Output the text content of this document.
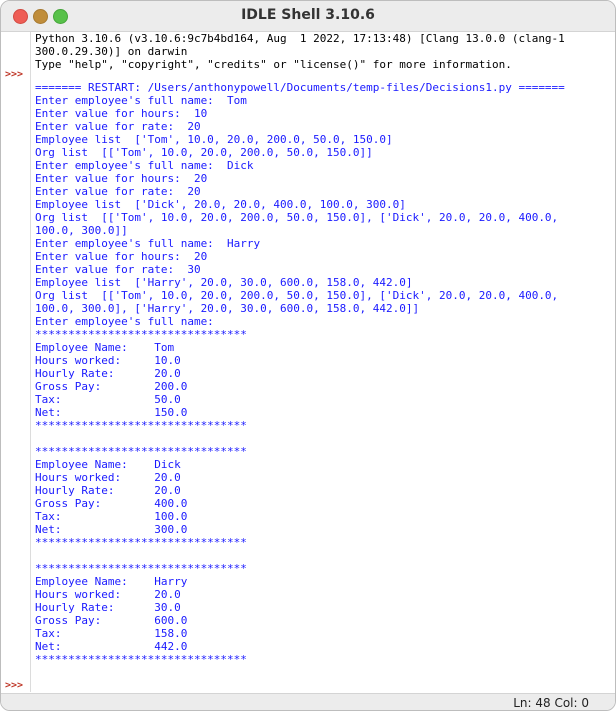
IDLE Shell 3.10.6
>>>
>>>
Python 3.10.6 (v3.10.6:9c7b4bd164, Aug  1 2022, 17:13:48) [Clang 13.0.0 (clang-1
300.0.29.30)] on darwin
Type "help", "copyright", "credits" or "license()" for more information.
======= RESTART: /Users/anthonypowell/Documents/temp-files/Decisions1.py =======
Enter employee's full name:  Tom
Enter value for hours:  10
Enter value for rate:  20
Employee list  ['Tom', 10.0, 20.0, 200.0, 50.0, 150.0]
Org list  [['Tom', 10.0, 20.0, 200.0, 50.0, 150.0]]
Enter employee's full name:  Dick
Enter value for hours:  20
Enter value for rate:  20
Employee list  ['Dick', 20.0, 20.0, 400.0, 100.0, 300.0]
Org list  [['Tom', 10.0, 20.0, 200.0, 50.0, 150.0], ['Dick', 20.0, 20.0, 400.0,
100.0, 300.0]]
Enter employee's full name:  Harry
Enter value for hours:  20
Enter value for rate:  30
Employee list  ['Harry', 20.0, 30.0, 600.0, 158.0, 442.0]
Org list  [['Tom', 10.0, 20.0, 200.0, 50.0, 150.0], ['Dick', 20.0, 20.0, 400.0,
100.0, 300.0], ['Harry', 20.0, 30.0, 600.0, 158.0, 442.0]]
Enter employee's full name:
********************************
Employee Name:    Tom
Hours worked:     10.0
Hourly Rate:      20.0
Gross Pay:        200.0
Tax:              50.0
Net:              150.0
********************************
********************************
Employee Name:    Dick
Hours worked:     20.0
Hourly Rate:      20.0
Gross Pay:        400.0
Tax:              100.0
Net:              300.0
********************************
********************************
Employee Name:    Harry
Hours worked:     20.0
Hourly Rate:      30.0
Gross Pay:        600.0
Tax:              158.0
Net:              442.0
********************************
Ln: 48 Col: 0
